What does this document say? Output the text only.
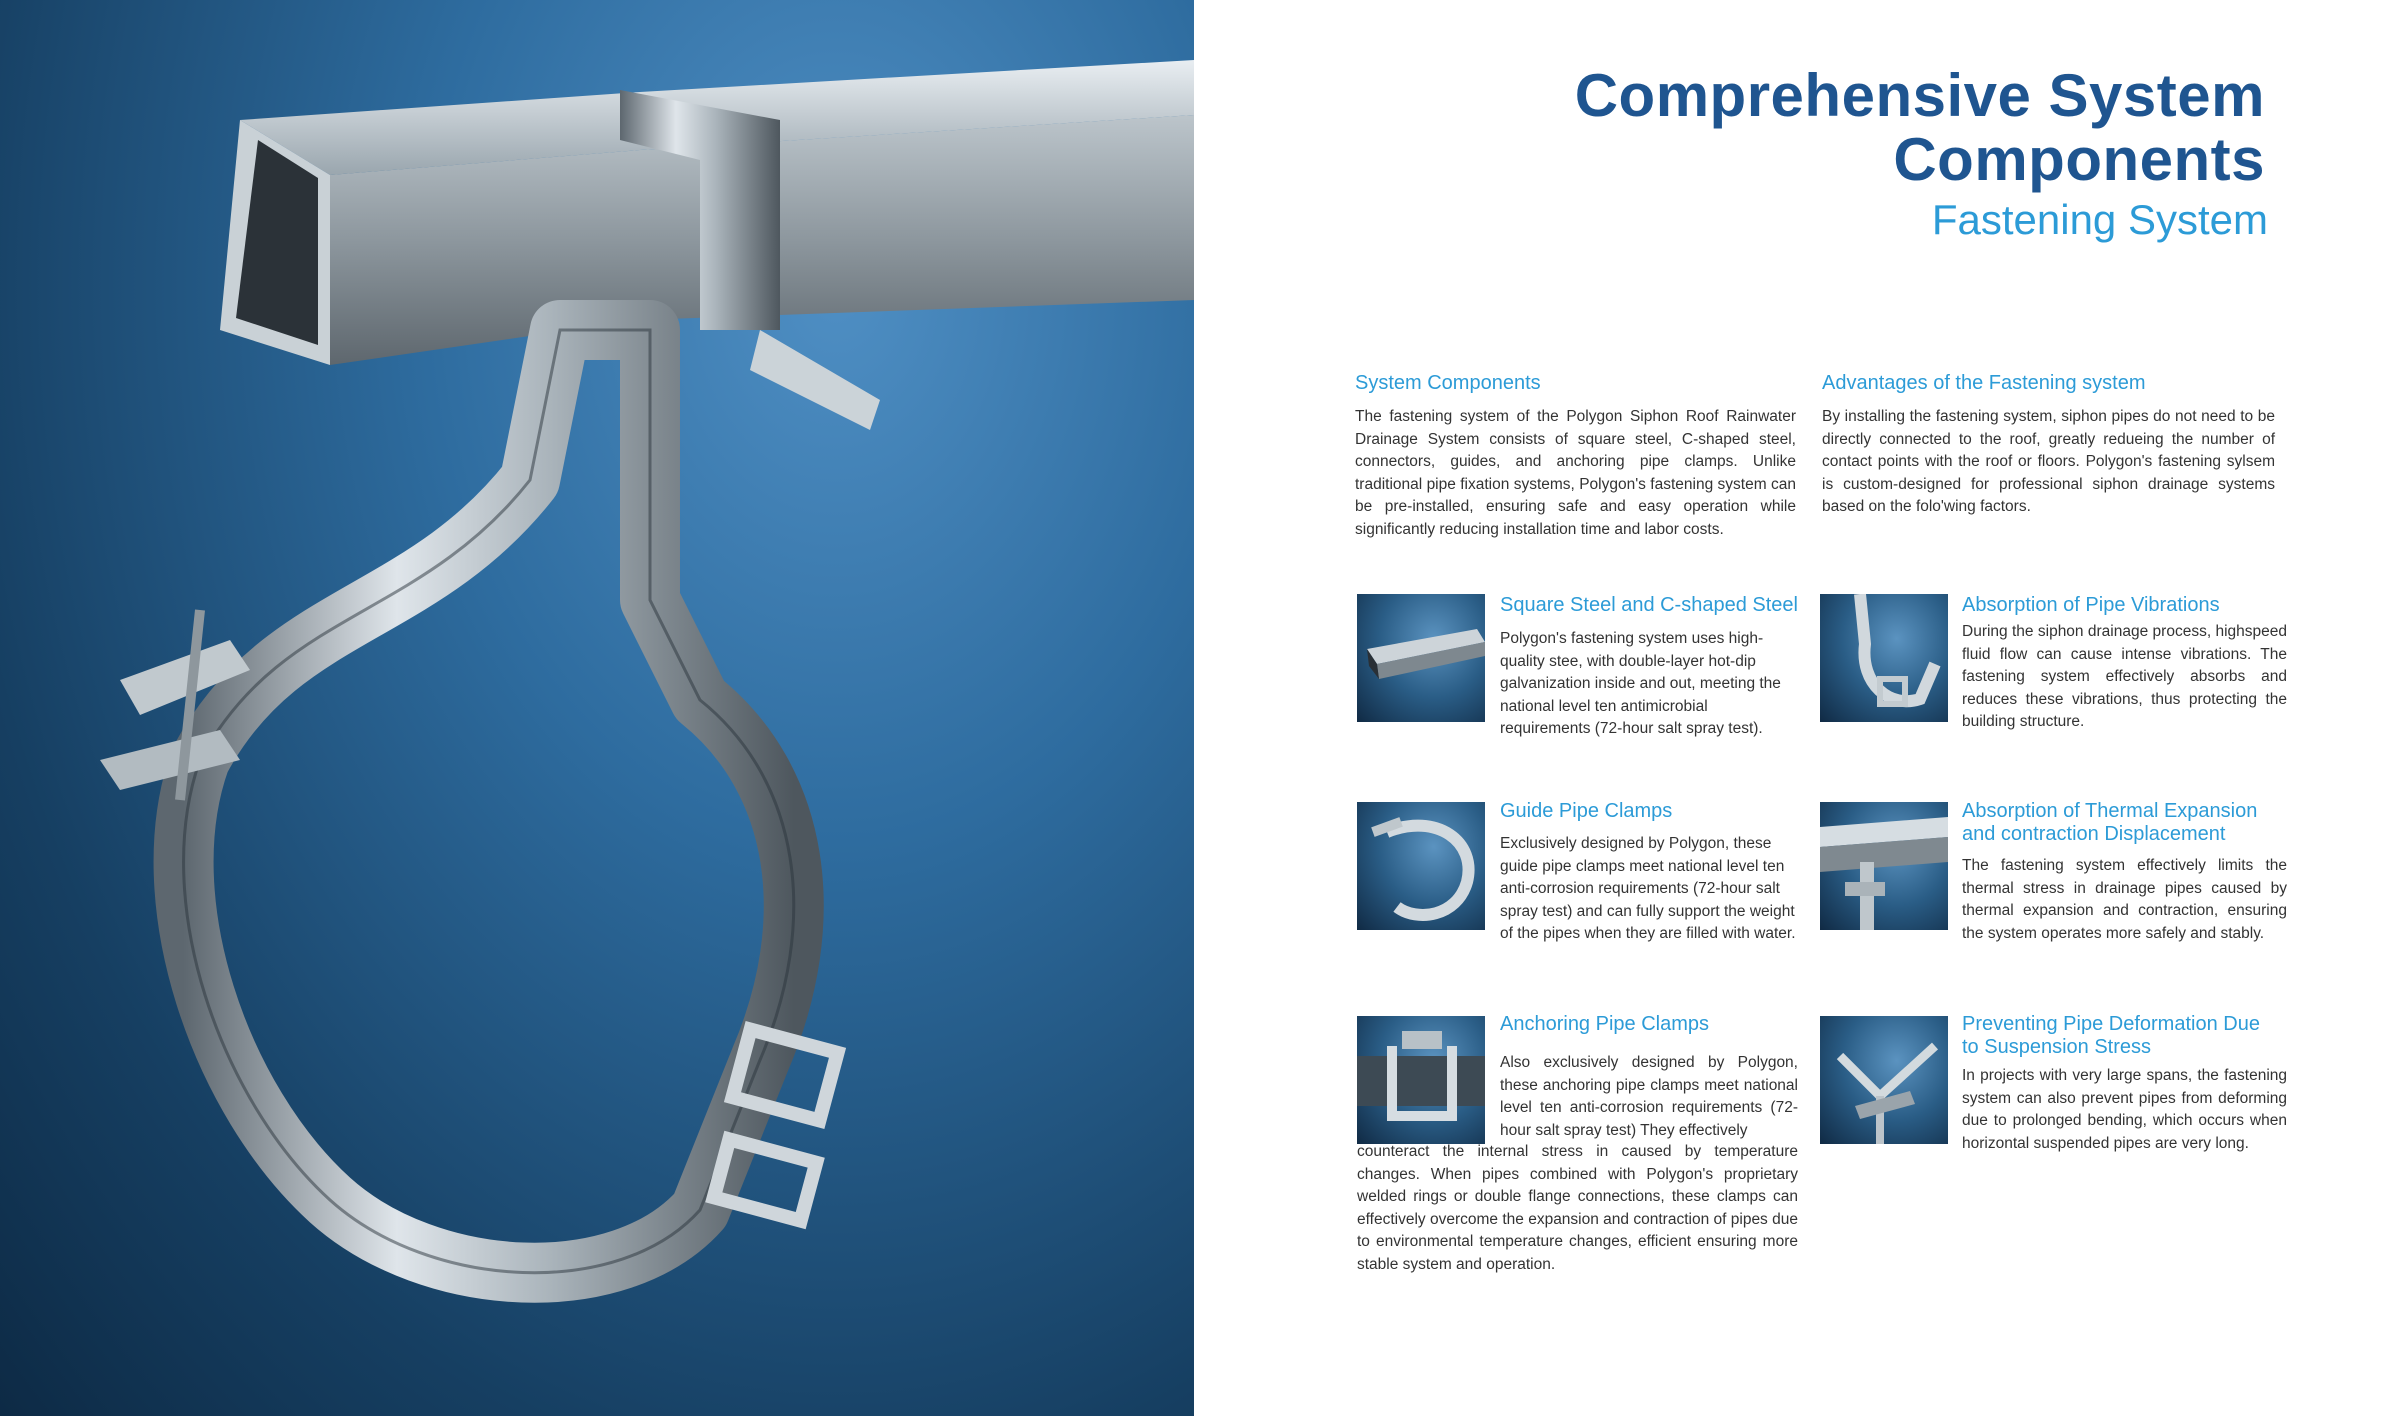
Comprehensive System
Components
Fastening System
System Components

The fastening system of the Polygon Siphon Roof Rainwater Drainage System consists of square steel, C-shaped steel, connectors, guides, and anchoring pipe clamps. Unlike traditional pipe fixation systems, Polygon's fastening system can be pre-installed, ensuring safe and easy operation while significantly reducing installation time and labor costs.

Advantages of the Fastening system

By installing the fastening system, siphon pipes do not need to be directly connected to the roof, greatly redueing the number of contact points with the roof or floors. Polygon's fastening sylsem is custom-designed for professional siphon drainage systems based on the folo'wing factors.

Square Steel and C-shaped Steel

Polygon's fastening system uses high-quality stee, with double-layer hot-dip galvanization inside and out, meeting the national level ten antimicrobial requirements (72-hour salt spray test).

Guide Pipe Clamps

Exclusively designed by Polygon, these guide pipe clamps meet national level ten anti-corrosion requirements (72-hour salt spray test) and can fully support the weight of the pipes when they are filled with water.

Anchoring Pipe Clamps

Also exclusively designed by Polygon, these anchoring pipe clamps meet national level ten anti-corrosion requirements (72-hour salt spray test) They effectively

counteract the internal stress in caused by temperature changes. When pipes combined with Polygon's proprietary welded rings or double flange connections, these clamps can effectively overcome the expansion and contraction of pipes due to environmental temperature changes, efficient ensuring more stable system and operation.

Absorption of Pipe Vibrations

During the siphon drainage process, highspeed fluid flow can cause intense vibrations. The fastening system effectively absorbs and reduces these vibrations, thus protecting the building structure.

Absorption of Thermal Expansion
and contraction Displacement

The fastening system effectively limits the thermal stress in drainage pipes caused by thermal expansion and contraction, ensuring the system operates more safely and stably.

Preventing Pipe Deformation Due
to Suspension Stress

In projects with very large spans, the fastening system can also prevent pipes from deforming due to prolonged bending, which occurs when horizontal suspended pipes are very long.
